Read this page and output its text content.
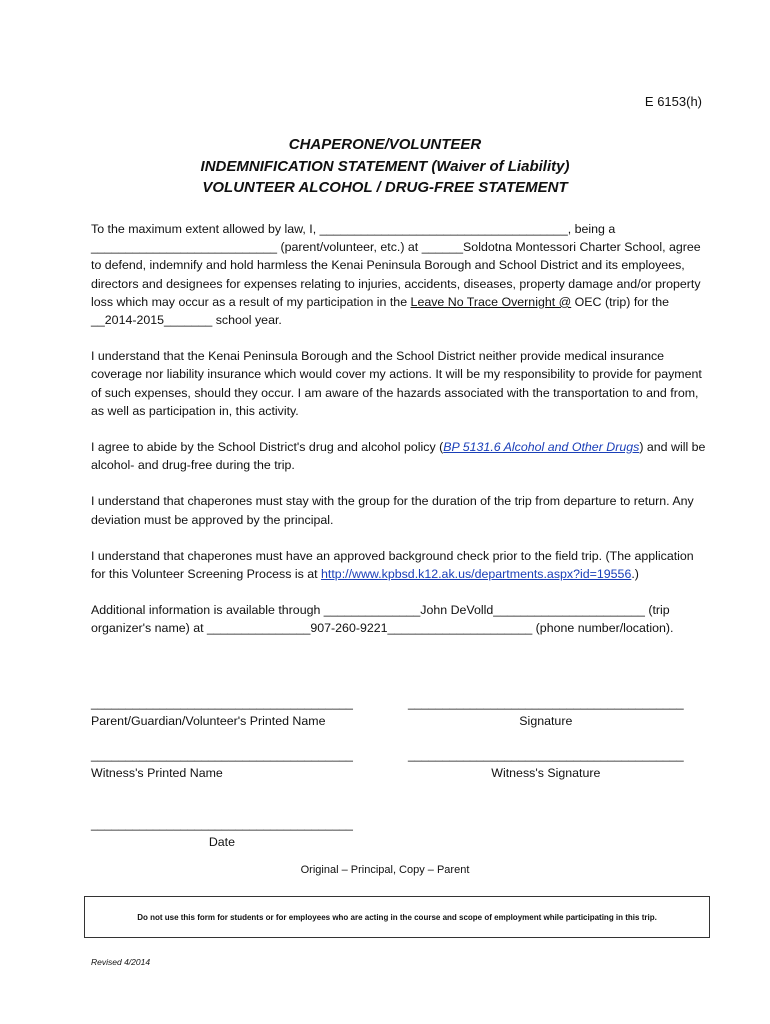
E 6153(h)
CHAPERONE/VOLUNTEER
INDEMNIFICATION STATEMENT (Waiver of Liability)
VOLUNTEER ALCOHOL / DRUG-FREE STATEMENT

To the maximum extent allowed by law, I, ____________________________________, being a ___________________________ (parent/volunteer, etc.) at ______Soldotna Montessori Charter School, agree to defend, indemnify and hold harmless the Kenai Peninsula Borough and School District and its employees, directors and designees for expenses relating to injuries, accidents, diseases, property damage and/or property loss which may occur as a result of my participation in the Leave No Trace Overnight @ OEC (trip) for the __2014-2015_______ school year.

I understand that the Kenai Peninsula Borough and the School District neither provide medical insurance coverage nor liability insurance which would cover my actions. It will be my responsibility to provide for payment of such expenses, should they occur. I am aware of the hazards associated with the transportation to and from, as well as participation in, this activity.

I agree to abide by the School District's drug and alcohol policy (BP 5131.6 Alcohol and Other Drugs) and will be alcohol- and drug-free during the trip.

I understand that chaperones must stay with the group for the duration of the trip from departure to return. Any deviation must be approved by the principal.

I understand that chaperones must have an approved background check prior to the field trip. (The application for this Volunteer Screening Process is at http://www.kpbsd.k12.ak.us/departments.aspx?id=19556.)

Additional information is available through ______________John DeVolld______________________ (trip organizer's name) at _______________907-260-9221_____________________ (phone number/location).

______________________________________
Parent/Guardian/Volunteer's Printed Name
________________________________________
Signature
______________________________________
Witness's Printed Name
________________________________________
Witness's Signature
______________________________________
Date
Original – Principal, Copy – Parent
Do not use this form for students or for employees who are acting in the course and scope of employment while participating in this trip.
Revised 4/2014
